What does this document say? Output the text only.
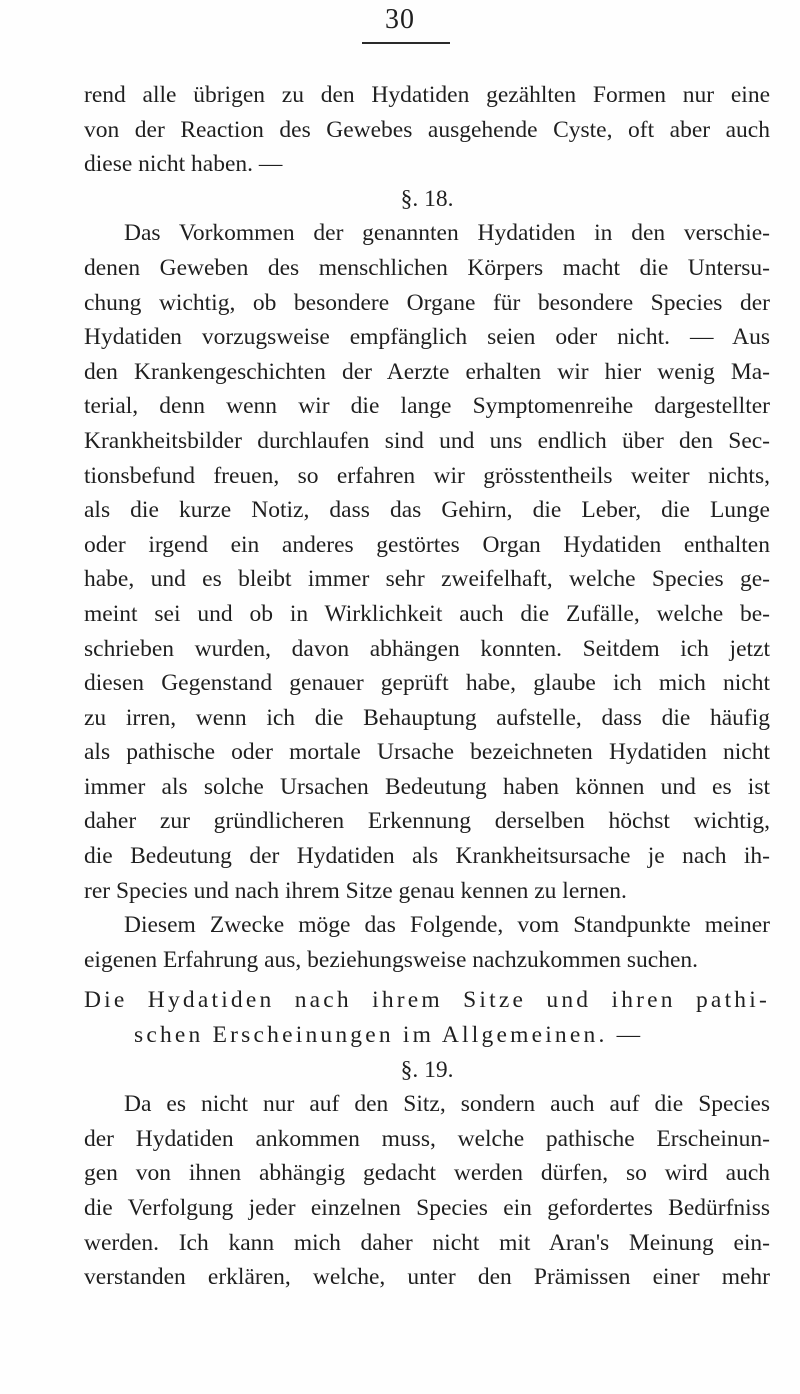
30
rend alle übrigen zu den Hydatiden gezählten Formen nur eine
von der Reaction des Gewebes ausgehende Cyste, oft aber auch
diese nicht haben. —
§. 18.
Das Vorkommen der genannten Hydatiden in den verschie-
denen Geweben des menschlichen Körpers macht die Untersu-
chung wichtig, ob besondere Organe für besondere Species der
Hydatiden vorzugsweise empfänglich seien oder nicht. — Aus
den Krankengeschichten der Aerzte erhalten wir hier wenig Ma-
terial, denn wenn wir die lange Symptomenreihe dargestellter
Krankheitsbilder durchlaufen sind und uns endlich über den Sec-
tionsbefund freuen, so erfahren wir grösstentheils weiter nichts,
als die kurze Notiz, dass das Gehirn, die Leber, die Lunge
oder irgend ein anderes gestörtes Organ Hydatiden enthalten
habe, und es bleibt immer sehr zweifelhaft, welche Species ge-
meint sei und ob in Wirklichkeit auch die Zufälle, welche be-
schrieben wurden, davon abhängen konnten. Seitdem ich jetzt
diesen Gegenstand genauer geprüft habe, glaube ich mich nicht
zu irren, wenn ich die Behauptung aufstelle, dass die häufig
als pathische oder mortale Ursache bezeichneten Hydatiden nicht
immer als solche Ursachen Bedeutung haben können und es ist
daher zur gründlicheren Erkennung derselben höchst wichtig,
die Bedeutung der Hydatiden als Krankheitsursache je nach ih-
rer Species und nach ihrem Sitze genau kennen zu lernen.
Diesem Zwecke möge das Folgende, vom Standpunkte meiner
eigenen Erfahrung aus, beziehungsweise nachzukommen suchen.
Die Hydatiden nach ihrem Sitze und ihren pathi-
schen Erscheinungen im Allgemeinen. —
§. 19.
Da es nicht nur auf den Sitz, sondern auch auf die Species
der Hydatiden ankommen muss, welche pathische Erscheinun-
gen von ihnen abhängig gedacht werden dürfen, so wird auch
die Verfolgung jeder einzelnen Species ein gefordertes Bedürfniss
werden. Ich kann mich daher nicht mit Aran's Meinung ein-
verstanden erklären, welche, unter den Prämissen einer mehr
